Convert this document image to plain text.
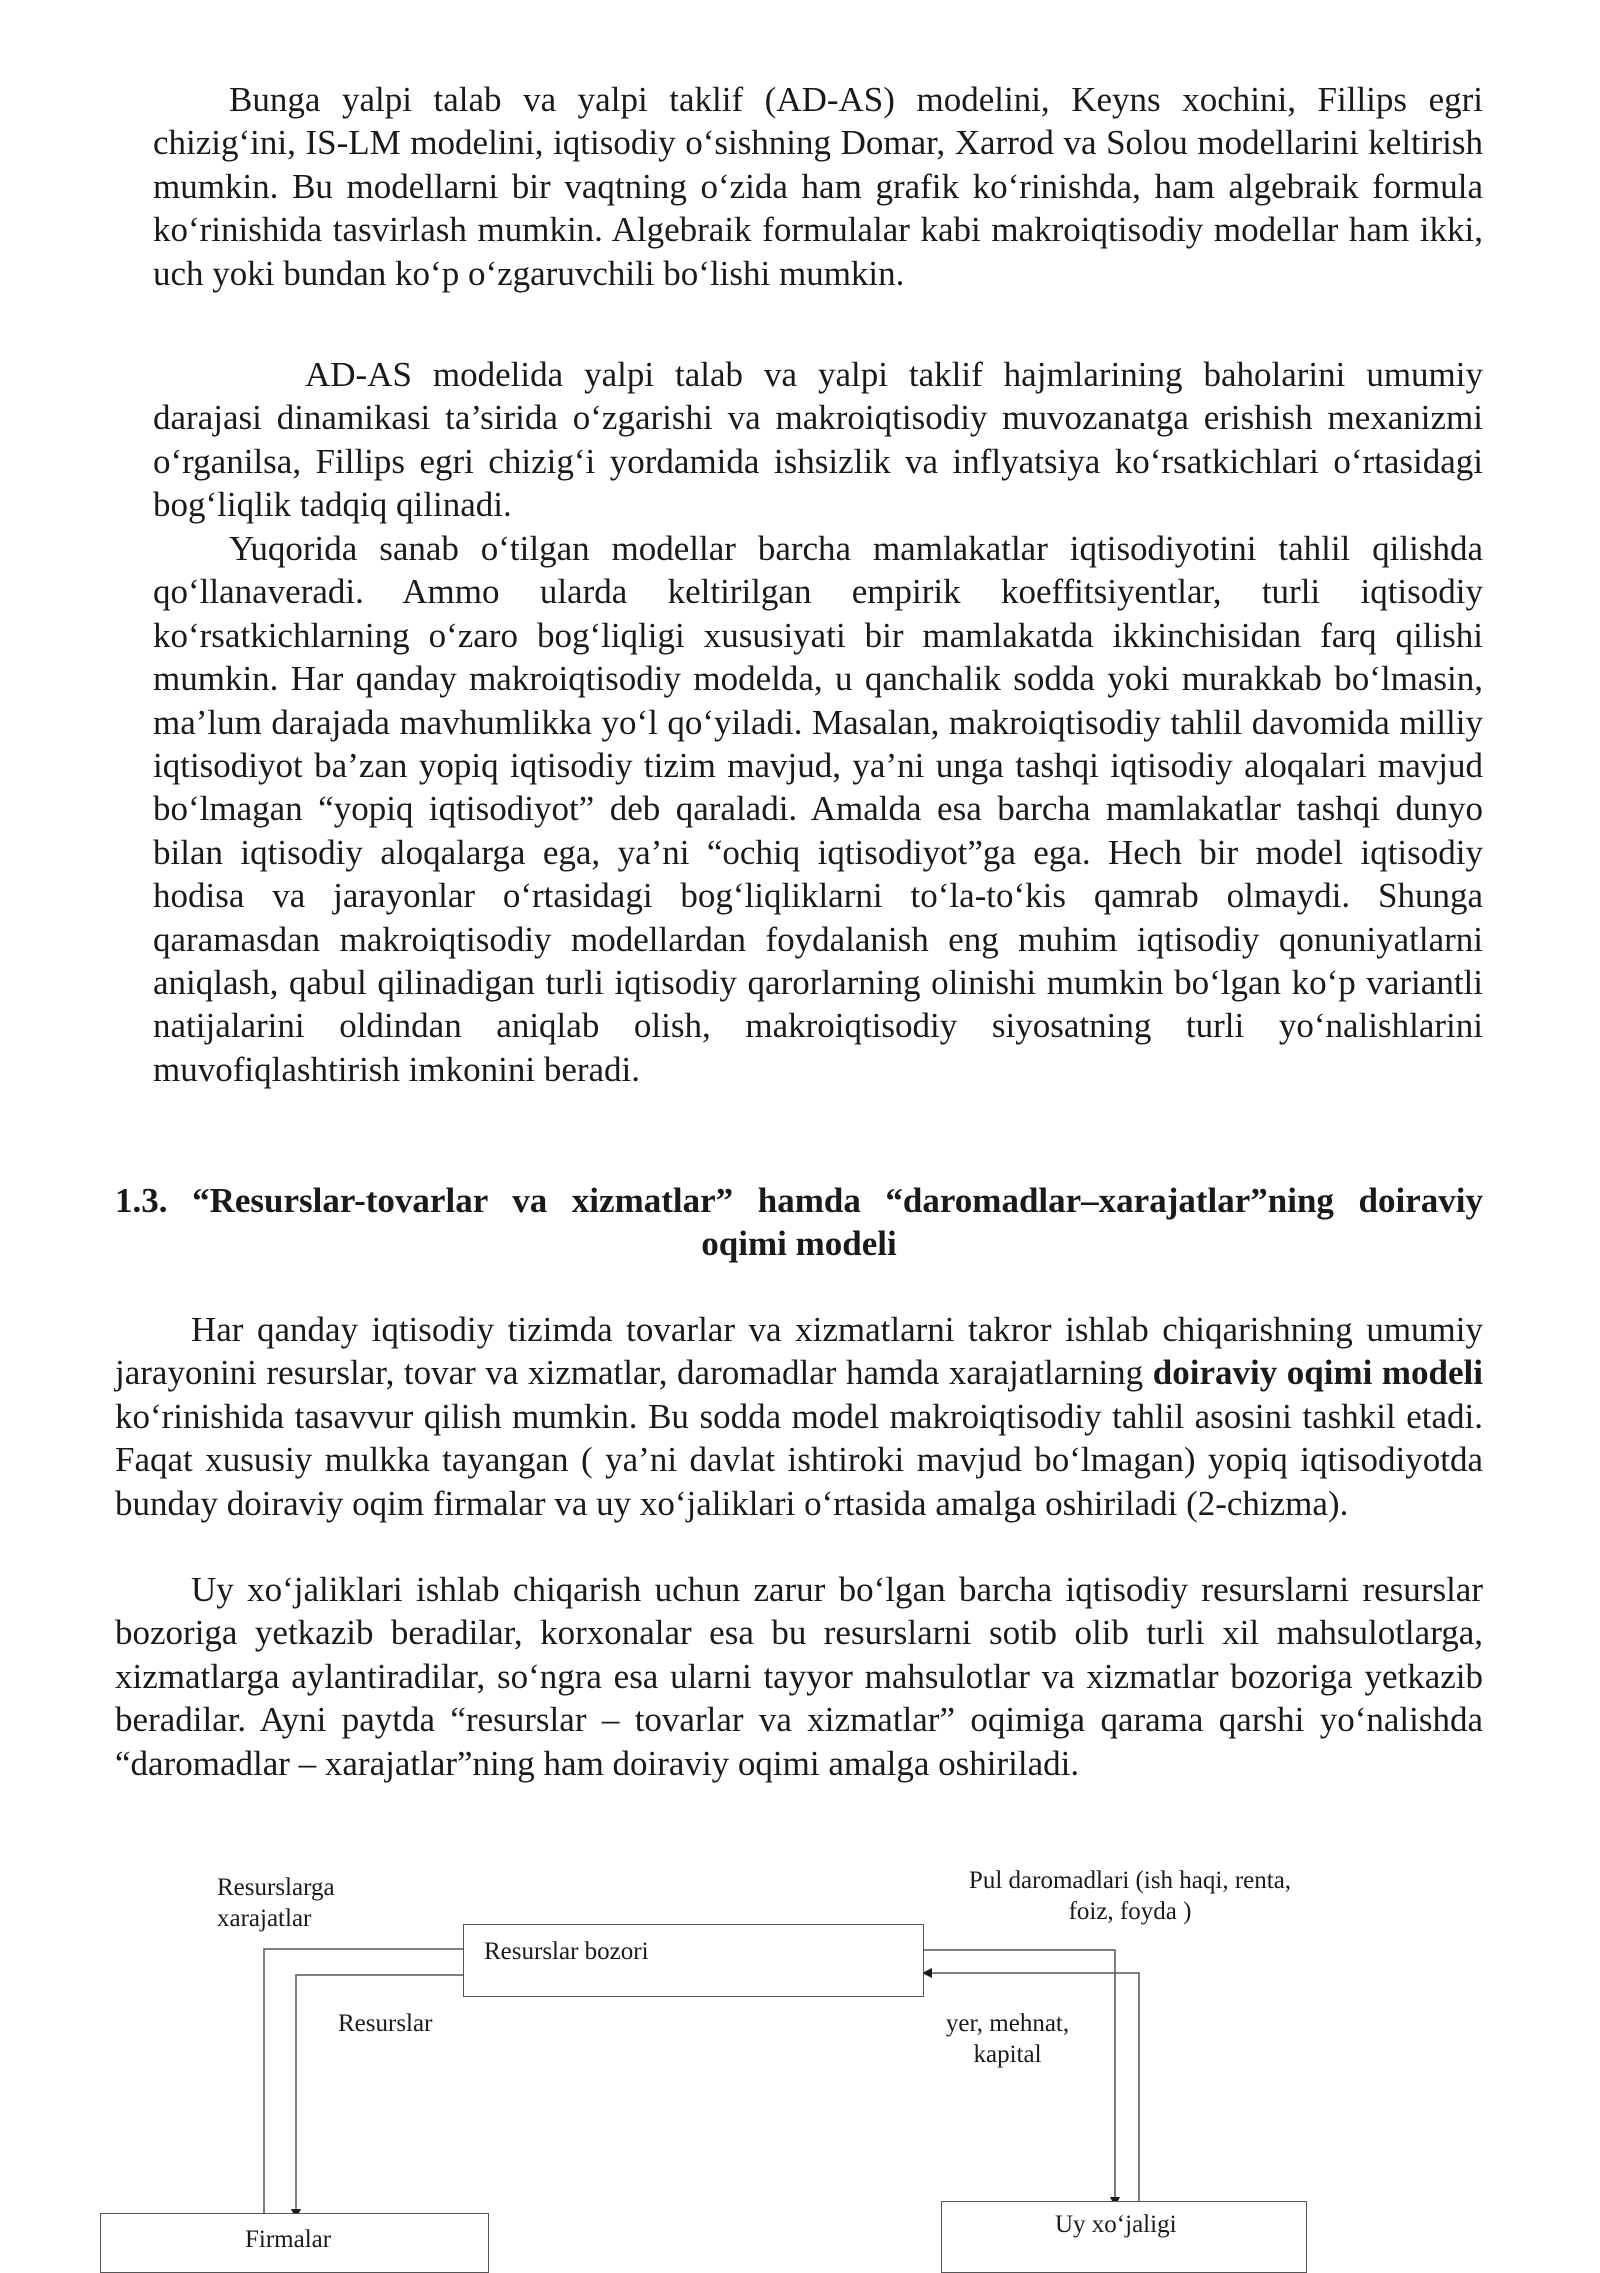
Bunga yalpi talab va yalpi taklif (AD-AS) modelini, Keyns xochini, Fillips egri chizig‘ini, IS-LM modelini, iqtisodiy o‘sishning Domar, Xarrod va Solou modellarini keltirish mumkin. Bu modellarni bir vaqtning o‘zida ham grafik ko‘rinishda, ham algebraik formula ko‘rinishida tasvirlash mumkin. Algebraik formulalar kabi makroiqtisodiy modellar ham ikki, uch yoki bundan ko‘p o‘zgaruvchili bo‘lishi mumkin.

AD-AS modelida yalpi talab va yalpi taklif hajmlarining baholarini umumiy darajasi dinamikasi ta’sirida o‘zgarishi va makroiqtisodiy muvozanatga erishish mexanizmi o‘rganilsa, Fillips egri chizig‘i yordamida ishsizlik va inflyatsiya ko‘rsatkichlari o‘rtasidagi bog‘liqlik tadqiq qilinadi.

Yuqorida sanab o‘tilgan modellar barcha mamlakatlar iqtisodiyotini tahlil qilishda qo‘llanaveradi. Ammo ularda keltirilgan empirik koeffitsiyentlar, turli iqtisodiy ko‘rsatkichlarning o‘zaro bog‘liqligi xususiyati bir mamlakatda ikkinchisidan farq qilishi mumkin. Har qanday makroiqtisodiy modelda, u qanchalik sodda yoki murakkab bo‘lmasin, ma’lum darajada mavhumlikka yo‘l qo‘yiladi. Masalan, makroiqtisodiy tahlil davomida milliy iqtisodiyot ba’zan yopiq iqtisodiy tizim mavjud, ya’ni unga tashqi iqtisodiy aloqalari mavjud bo‘lmagan “yopiq iqtisodiyot” deb qaraladi. Amalda esa barcha mamlakatlar tashqi dunyo bilan iqtisodiy aloqalarga ega, ya’ni “ochiq iqtisodiyot”ga ega. Hech bir model iqtisodiy hodisa va jarayonlar o‘rtasidagi bog‘liqliklarni to‘la-to‘kis qamrab olmaydi. Shunga qaramasdan makroiqtisodiy modellardan foydalanish eng muhim iqtisodiy qonuniyatlarni aniqlash, qabul qilinadigan turli iqtisodiy qarorlarning olinishi mumkin bo‘lgan ko‘p variantli natijalarini oldindan aniqlab olish, makroiqtisodiy siyosatning turli yo‘nalishlarini muvofiqlashtirish imkonini beradi.

1.3. “Resurslar-tovarlar va xizmatlar” hamda “daromadlar–xarajatlar”ning doiraviy
oqimi modeli

Har qanday iqtisodiy tizimda tovarlar va xizmatlarni takror ishlab chiqarishning umumiy jarayonini resurslar, tovar va xizmatlar, daromadlar hamda xarajatlarning doiraviy oqimi modeli ko‘rinishida tasavvur qilish mumkin. Bu sodda model makroiqtisodiy tahlil asosini tashkil etadi. Faqat xususiy mulkka tayangan ( ya’ni davlat ishtiroki mavjud bo‘lmagan) yopiq iqtisodiyotda bunday doiraviy oqim firmalar va uy xo‘jaliklari o‘rtasida amalga oshiriladi (2-chizma).

Uy xo‘jaliklari ishlab chiqarish uchun zarur bo‘lgan barcha iqtisodiy resurslarni resurslar bozoriga yetkazib beradilar, korxonalar esa bu resurslarni sotib olib turli xil mahsulotlarga, xizmatlarga aylantiradilar, so‘ngra esa ularni tayyor mahsulotlar va xizmatlar bozoriga yetkazib beradilar. Ayni paytda “resurslar – tovarlar va xizmatlar” oqimiga qarama qarshi yo‘nalishda “daromadlar – xarajatlar”ning ham doiraviy oqimi amalga oshiriladi.

Resurslarga
xarajatlar
Pul daromadlari (ish haqi, renta,
foiz, foyda )
Resurslar bozori
Resurslar	yer, mehnat,
kapital
Firmalar
Uy xo‘jaligi
